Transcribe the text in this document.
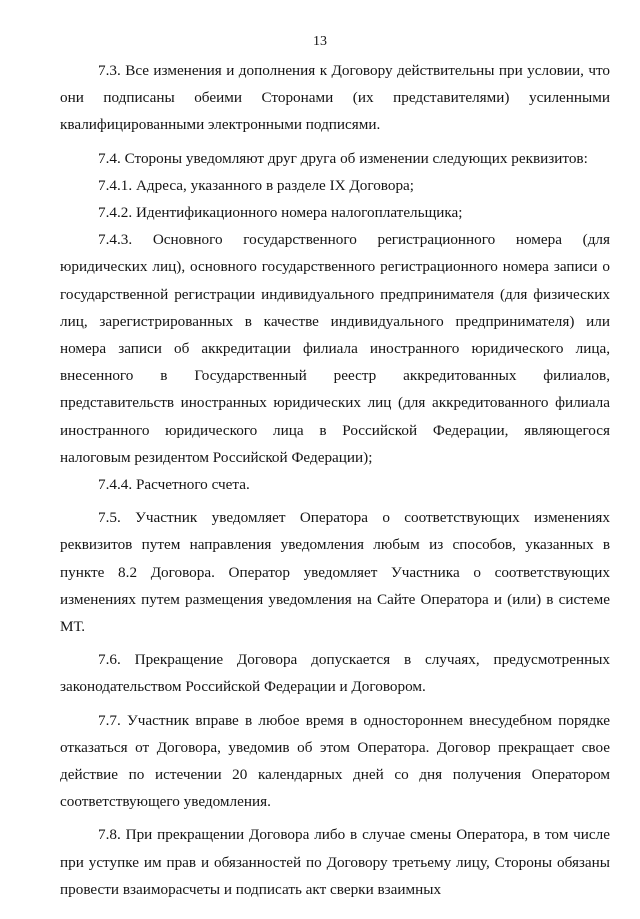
13

7.3. Все изменения и дополнения к Договору действительны при условии, что они подписаны обеими Сторонами (их представителями) усиленными квалифицированными электронными подписями.

7.4. Стороны уведомляют друг друга об изменении следующих реквизитов:

7.4.1. Адреса, указанного в разделе IX Договора;

7.4.2. Идентификационного номера налогоплательщика;

7.4.3. Основного государственного регистрационного номера (для юридических лиц), основного государственного регистрационного номера записи о государственной регистрации индивидуального предпринимателя (для физических лиц, зарегистрированных в качестве индивидуального предпринимателя) или номера записи об аккредитации филиала иностранного юридического лица, внесенного в Государственный реестр аккредитованных филиалов, представительств иностранных юридических лиц (для аккредитованного филиала иностранного юридического лица в Российской Федерации, являющегося налоговым резидентом Российской Федерации);

7.4.4. Расчетного счета.

7.5. Участник уведомляет Оператора о соответствующих изменениях реквизитов путем направления уведомления любым из способов, указанных в пункте 8.2 Договора. Оператор уведомляет Участника о соответствующих изменениях путем размещения уведомления на Сайте Оператора и (или) в системе МТ.

7.6. Прекращение Договора допускается в случаях, предусмотренных законодательством Российской Федерации и Договором.

7.7. Участник вправе в любое время в одностороннем внесудебном порядке отказаться от Договора, уведомив об этом Оператора. Договор прекращает свое действие по истечении 20 календарных дней со дня получения Оператором соответствующего уведомления.

7.8. При прекращении Договора либо в случае смены Оператора, в том числе при уступке им прав и обязанностей по Договору третьему лицу, Стороны обязаны провести взаиморасчеты и подписать акт сверки взаимных
